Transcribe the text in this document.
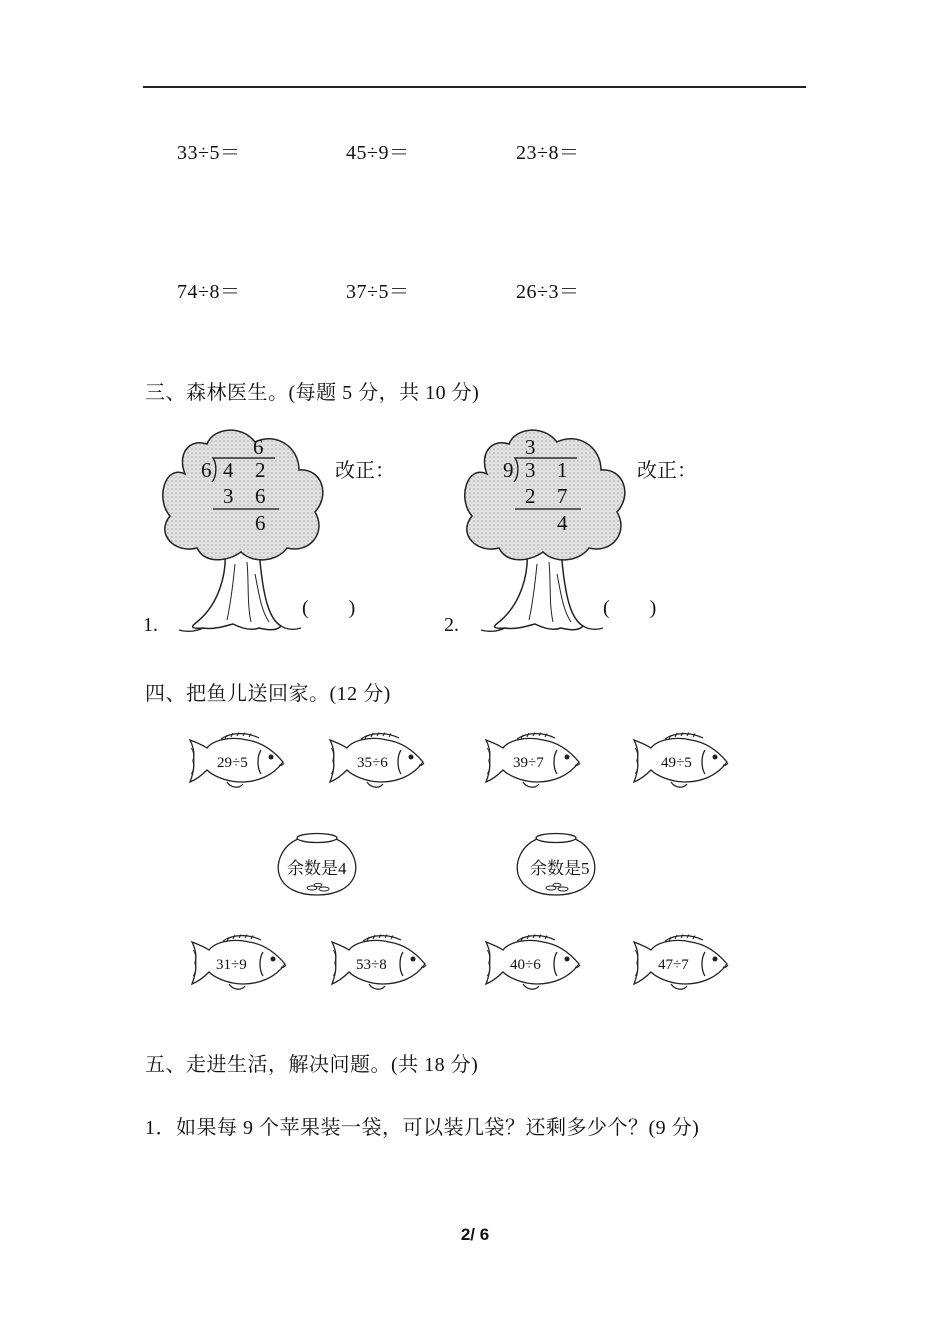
33÷5＝	45÷9＝	23÷8＝
74÷8＝	37÷5＝	26÷3＝
三、森林医生。(每题 5 分，共 10 分)
6
6 4 2
3 6
6
3
9 3 1
2 7
4
改正：	改正：
(　　)	(　　)
1.	2.
四、把鱼儿送回家。(12 分)
29÷5	35÷6	39÷7	49÷5
余数是4	余数是5
31÷9	53÷8	40÷6	47÷7
五、走进生活，解决问题。(共 18 分)
1．如果每 9 个苹果装一袋，可以装几袋？还剩多少个？(9 分)
2/ 6
